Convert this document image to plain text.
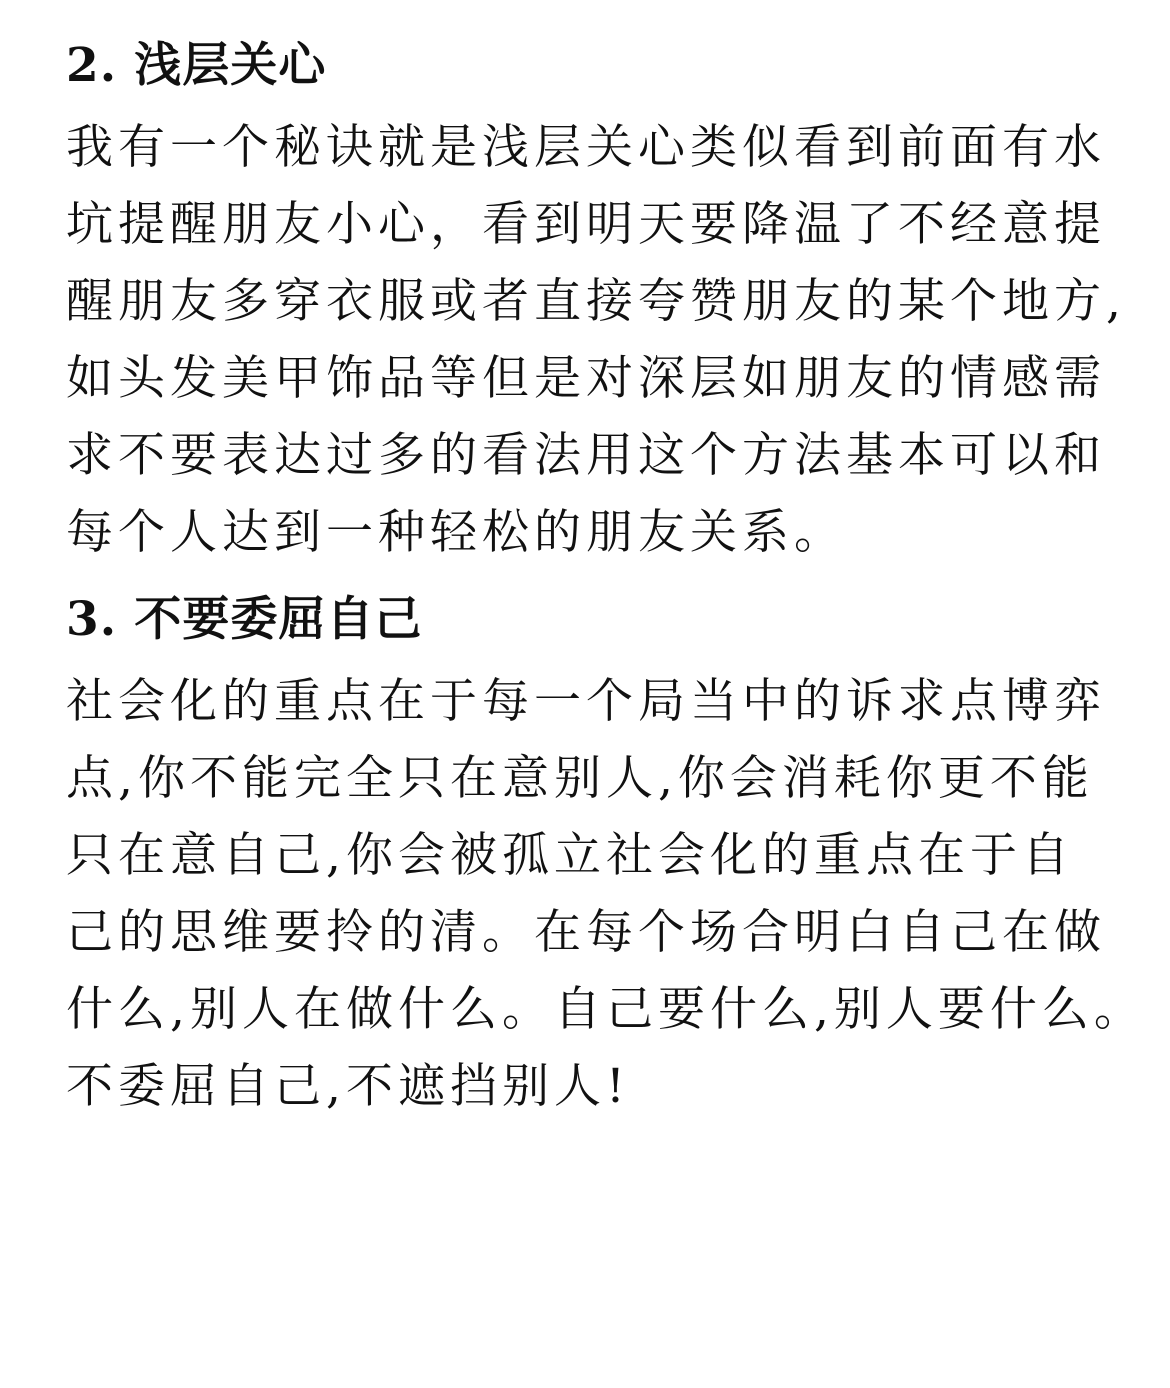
2. 浅层关心
我有一个秘诀就是浅层关心类似看到前面有水
坑提醒朋友小心，看到明天要降温了不经意提
醒朋友多穿衣服或者直接夸赞朋友的某个地方,
如头发美甲饰品等但是对深层如朋友的情感需
求不要表达过多的看法用这个方法基本可以和
每个人达到一种轻松的朋友关系。
3. 不要委屈自己
社会化的重点在于每一个局当中的诉求点博弈
点,你不能完全只在意别人,你会消耗你更不能
只在意自己,你会被孤立社会化的重点在于自
己的思维要拎的清。在每个场合明白自己在做
什么,别人在做什么。自己要什么,别人要什么。
不委屈自己,不遮挡别人!
